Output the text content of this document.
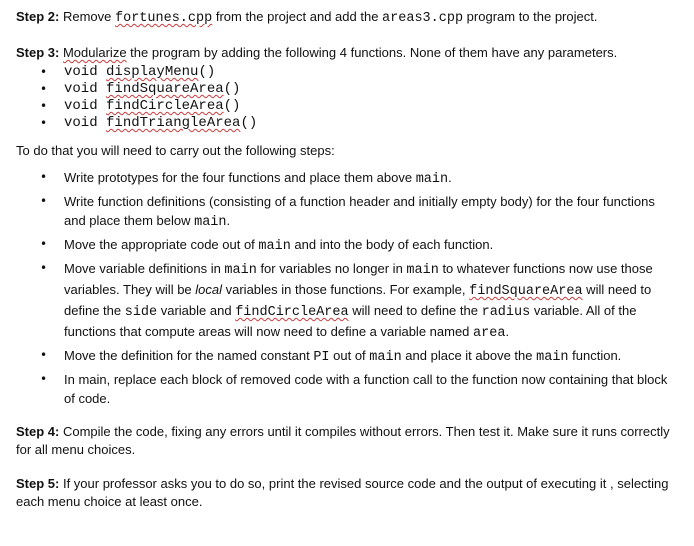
Step 2: Remove fortunes.cpp from the project and add the areas3.cpp program to the project.
Step 3: Modularize the program by adding the following 4 functions. None of them have any parameters.
• void displayMenu()
• void findSquareArea()
• void findCircleArea()
• void findTriangleArea()
To do that you will need to carry out the following steps:
• Write prototypes for the four functions and place them above main.
• Write function definitions (consisting of a function header and initially empty body) for the four functions and place them below main.
• Move the appropriate code out of main and into the body of each function.
• Move variable definitions in main for variables no longer in main to whatever functions now use those variables. They will be local variables in those functions. For example, findSquareArea will need to define the side variable and findCircleArea will need to define the radius variable. All of the functions that compute areas will now need to define a variable named area.
• Move the definition for the named constant PI out of main and place it above the main function.
• In main, replace each block of removed code with a function call to the function now containing that block of code.
Step 4: Compile the code, fixing any errors until it compiles without errors. Then test it. Make sure it runs correctly for all menu choices.
Step 5: If your professor asks you to do so, print the revised source code and the output of executing it , selecting each menu choice at least once.
